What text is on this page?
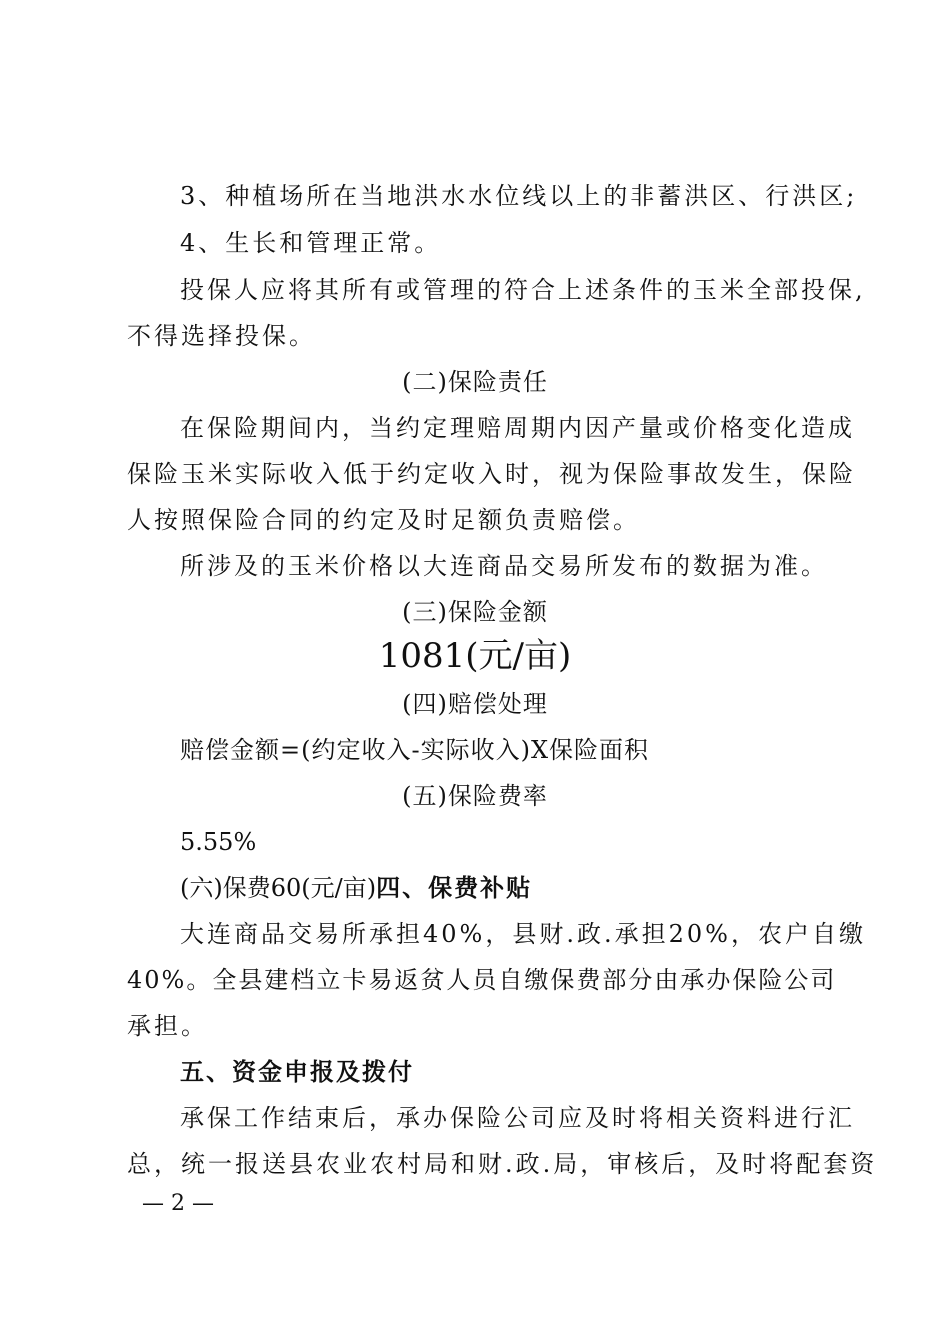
3、种植场所在当地洪水水位线以上的非蓄洪区、行洪区;
4、生长和管理正常。
投保人应将其所有或管理的符合上述条件的玉米全部投保,
不得选择投保。
(二)保险责任
在保险期间内，当约定理赔周期内因产量或价格变化造成
保险玉米实际收入低于约定收入时，视为保险事故发生，保险
人按照保险合同的约定及时足额负责赔偿。
所涉及的玉米价格以大连商品交易所发布的数据为准。
(三)保险金额
1081(元/亩)
(四)赔偿处理
赔偿金额=(约定收入-实际收入)X保险面积
(五)保险费率
5.55%
(六)保费60(元/亩)四、保费补贴
大连商品交易所承担40%，县财.政.承担20%，农户自缴
40%。全县建档立卡易返贫人员自缴保费部分由承办保险公司
承担。
五、资金申报及拨付
承保工作结束后，承办保险公司应及时将相关资料进行汇
总，统一报送县农业农村局和财.政.局，审核后，及时将配套资
— 2 —
